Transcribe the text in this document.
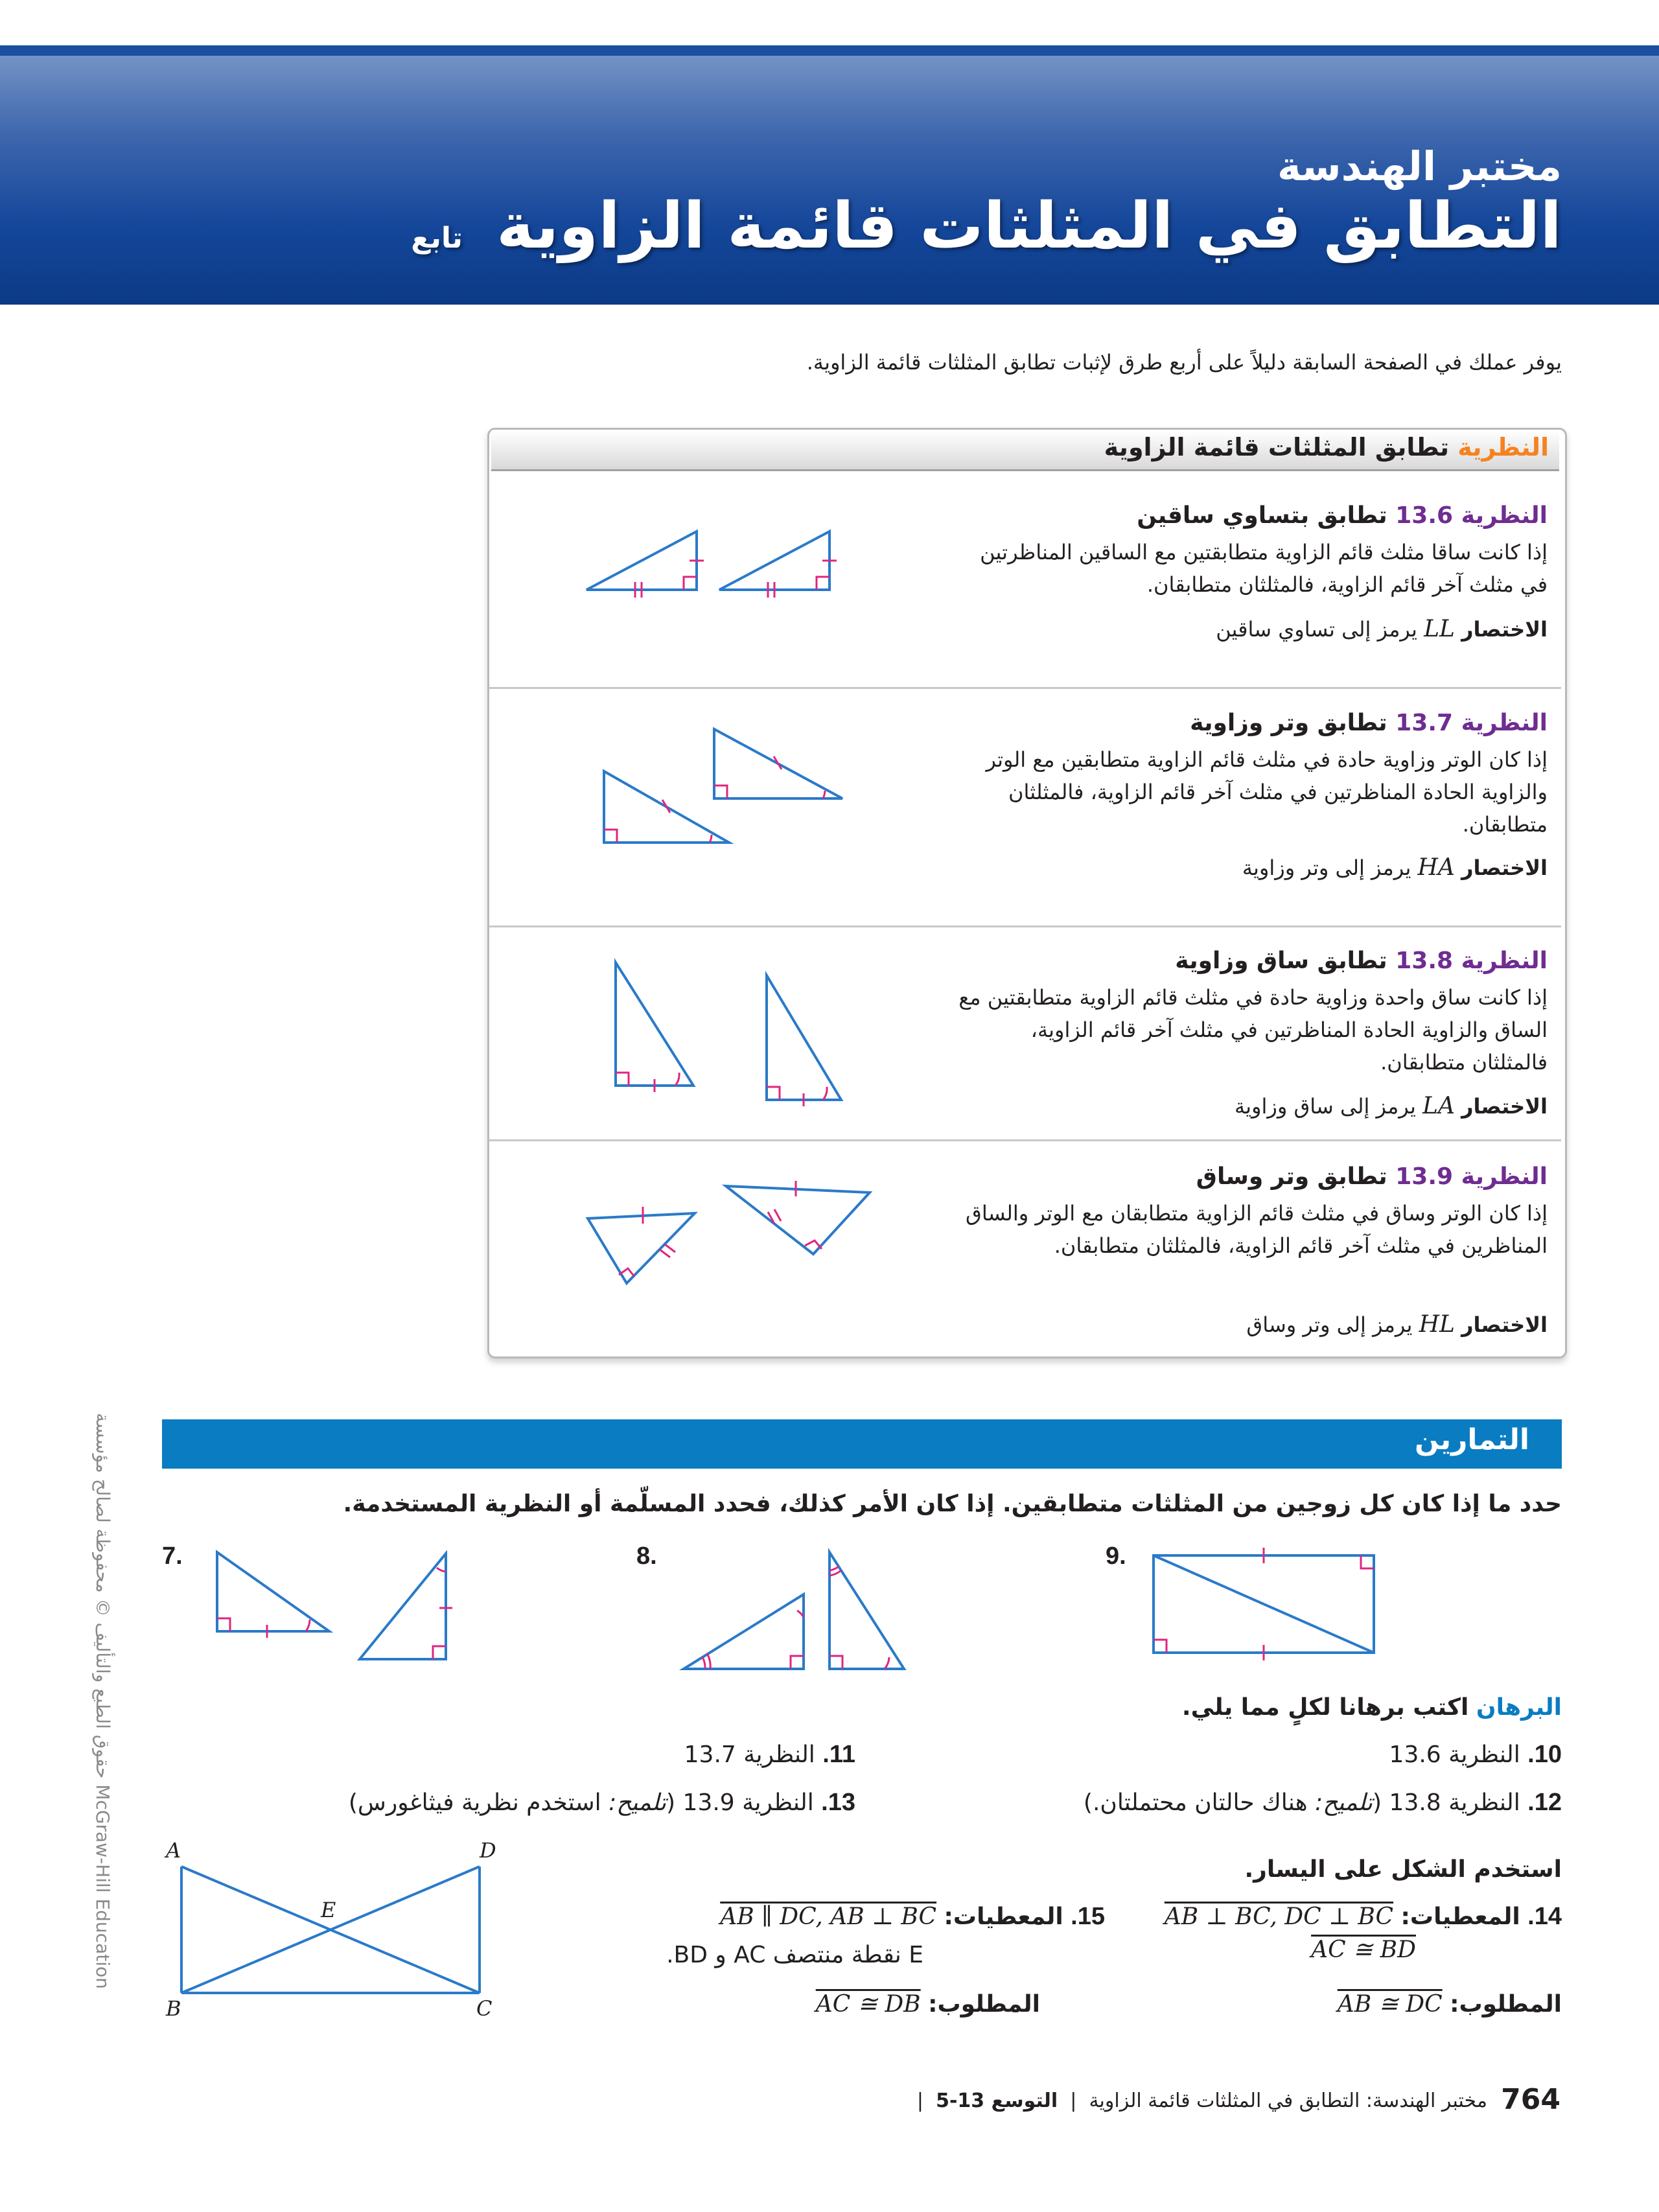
مختبر الهندسة
التطابق في المثلثات قائمة الزاوية تابع
يوفر عملك في الصفحة السابقة دليلاً على أربع طرق لإثبات تطابق المثلثات قائمة الزاوية.
النظرية تطابق المثلثات قائمة الزاوية
النظرية 13.6 تطابق بتساوي ساقين
إذا كانت ساقا مثلث قائم الزاوية متطابقتين مع الساقين المناظرتين في مثلث آخر قائم الزاوية، فالمثلثان متطابقان.
الاختصار LL يرمز إلى تساوي ساقين
النظرية 13.7 تطابق وتر وزاوية
إذا كان الوتر وزاوية حادة في مثلث قائم الزاوية متطابقين مع الوتر والزاوية الحادة المناظرتين في مثلث آخر قائم الزاوية، فالمثلثان متطابقان.
الاختصار HA يرمز إلى وتر وزاوية
النظرية 13.8 تطابق ساق وزاوية
إذا كانت ساق واحدة وزاوية حادة في مثلث قائم الزاوية متطابقتين مع الساق والزاوية الحادة المناظرتين في مثلث آخر قائم الزاوية، فالمثلثان متطابقان.
الاختصار LA يرمز إلى ساق وزاوية
النظرية 13.9 تطابق وتر وساق
إذا كان الوتر وساق في مثلث قائم الزاوية متطابقان مع الوتر والساق المناظرين في مثلث آخر قائم الزاوية، فالمثلثان متطابقان.
الاختصار HL يرمز إلى وتر وساق
التمارين
حدد ما إذا كان كل زوجين من المثلثات متطابقين. إذا كان الأمر كذلك، فحدد المسلّمة أو النظرية المستخدمة.
7.	8.	9.
البرهان اكتب برهانا لكلٍ مما يلي.
10. النظرية 13.6
11. النظرية 13.7
12. النظرية 13.8 (تلميح: هناك حالتان محتملتان.)
13. النظرية 13.9 (تلميح: استخدم نظرية فيثاغورس)
استخدم الشكل على اليسار.
14. المعطيات: AB ⊥ BC, DC ⊥ BC
AC ≅ BD
المطلوب: AB ≅ DC
15. المعطيات: AB ∥ DC, AB ⊥ BC
E نقطة منتصف AC و BD.
المطلوب: AC ≅ DB
A	D
E
B	C
حقوق الطبع والتأليف © محفوظة لصالح مؤسسة McGraw-Hill Education
764
مختبر الهندسة: التطابق في المثلثات قائمة الزاوية  |  التوسع 13-5  |
